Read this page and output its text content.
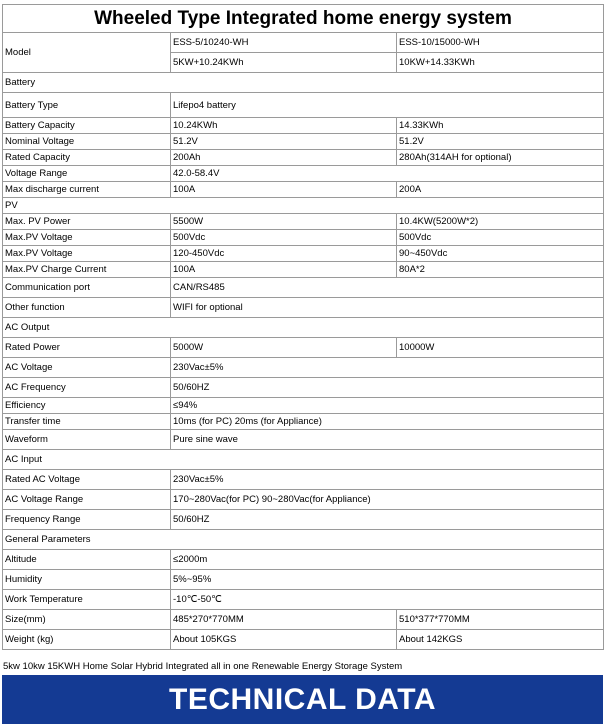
Wheeled Type Integrated home energy system		
Model	ESS-5/10240-WH	ESS-10/15000-WH
	5KW+10.24KWh	10KW+14.33KWh
Battery		
Battery Type	Lifepo4 battery	
Battery Capacity	10.24KWh	14.33KWh
Nominal Voltage	51.2V	51.2V
Rated Capacity	200Ah	280Ah(314AH for optional)
Voltage Range	42.0-58.4V	
Max discharge current	100A	200A
PV		
Max. PV Power	5500W	10.4KW(5200W*2)
Max.PV Voltage	500Vdc	500Vdc
Max.PV Voltage	120-450Vdc	90~450Vdc
Max.PV Charge Current	100A	80A*2
Communication port	CAN/RS485	
Other function	WIFI for optional	
AC Output		
Rated Power	5000W	10000W
AC Voltage	230Vac±5%	
AC Frequency	50/60HZ	
Efficiency	≤94%	
Transfer time	10ms (for PC) 20ms (for Appliance)	
Waveform	Pure sine wave	
AC Input		
Rated AC Voltage	230Vac±5%	
AC Voltage Range	170~280Vac(for PC) 90~280Vac(for Appliance)	
Frequency Range	50/60HZ	
General Parameters		
Altitude	≤2000m	
Humidity	5%~95%	
Work Temperature	-10℃-50℃	
Size(mm)	485*270*770MM	510*377*770MM
Weight (kg)	About 105KGS	About 142KGS
5kw 10kw 15KWH Home Solar Hybrid Integrated all in one Renewable Energy Storage System
TECHNICAL DATA
